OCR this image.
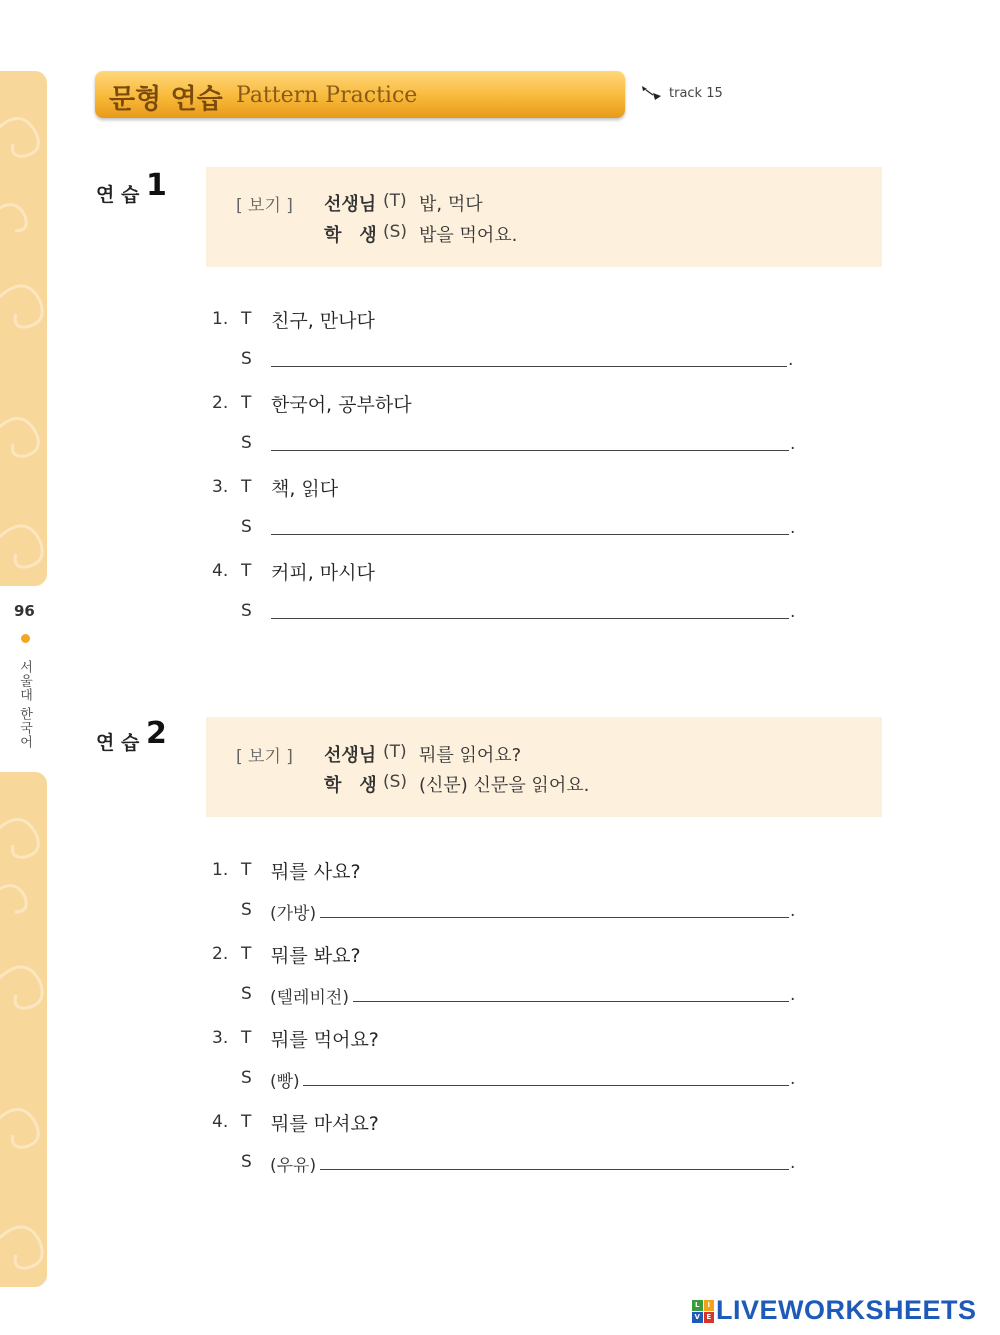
96
서울대 한국어
문형 연습 Pattern Practice	track 15
연 습 1
[ 보기 ] 선생님 (T) 밥, 먹다
학　생 (S) 밥을 먹어요.
1. T 친구, 만나다
S	.
2. T 한국어, 공부하다
S	.
3. T 책, 읽다
S	.
4. T 커피, 마시다
S	.
연 습 2
[ 보기 ] 선생님 (T) 뭐를 읽어요?
학　생 (S) (신문) 신문을 읽어요.
1. T 뭐를 사요?
S (가방)	.
2. T 뭐를 봐요?
S (텔레비전)	.
3. T 뭐를 먹어요?
S (빵)	.
4. T 뭐를 마셔요?
S (우유)	.
L	I
V E LIVEWORKSHEETS
